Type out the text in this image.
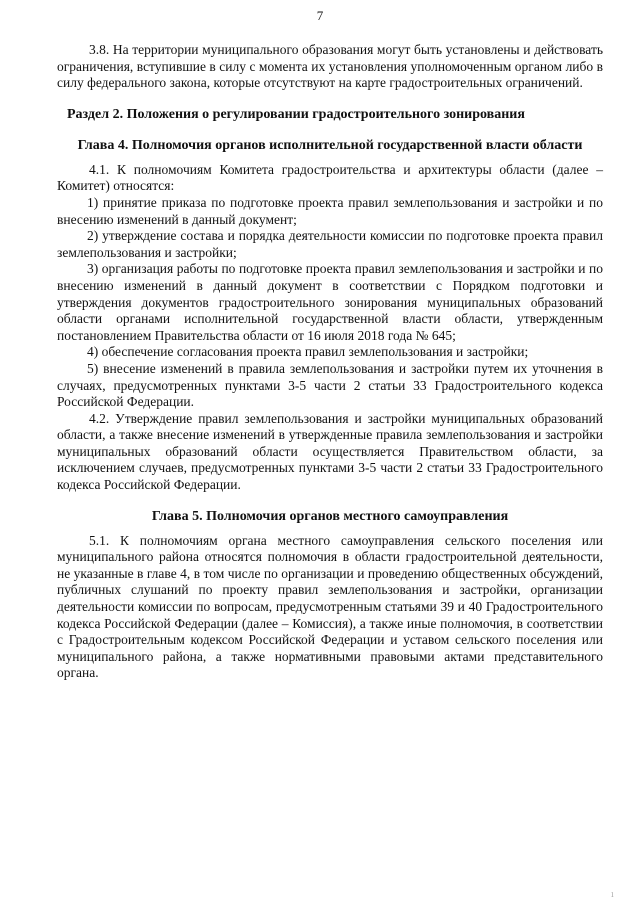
7

3.8. На территории муниципального образования могут быть установлены и действовать ограничения, вступившие в силу с момента их установления уполномоченным органом либо в силу федерального закона, которые отсутствуют на карте градостроительных ограничений.

Раздел 2. Положения о регулировании градостроительного зонирования

Глава 4. Полномочия органов исполнительной государственной власти области

4.1. К полномочиям Комитета градостроительства и архитектуры области (далее – Комитет) относятся:

1) принятие приказа по подготовке проекта правил землепользования и застройки и по внесению изменений в данный документ;

2) утверждение состава и порядка деятельности комиссии по подготовке проекта правил землепользования и застройки;

3) организация работы по подготовке проекта правил землепользования и застройки и по внесению изменений в данный документ в соответствии с Порядком подготовки и утверждения документов градостроительного зонирования муниципальных образований области органами исполнительной государственной власти области, утвержденным постановлением Правительства области от 16 июля 2018 года № 645;

4) обеспечение согласования проекта правил землепользования и застройки;

5) внесение изменений в правила землепользования и застройки путем их уточнения в случаях, предусмотренных пунктами 3-5 части 2 статьи 33 Градостроительного кодекса Российской Федерации.

4.2. Утверждение правил землепользования и застройки муниципальных образований области, а также внесение изменений в утвержденные правила землепользования и застройки муниципальных образований области осуществляется Правительством области, за исключением случаев, предусмотренных пунктами 3-5 части 2 статьи 33 Градостроительного кодекса Российской Федерации.

Глава 5. Полномочия органов местного самоуправления

5.1. К полномочиям органа местного самоуправления сельского поселения или муниципального района относятся полномочия в области градостроительной деятельности, не указанные в главе 4, в том числе по организации и проведению общественных обсуждений, публичных слушаний по проекту правил землепользования и застройки, организации деятельности комиссии по вопросам, предусмотренным статьями 39 и 40 Градостроительного кодекса Российской Федерации (далее – Комиссия), а также иные полномочия, в соответствии с Градостроительным кодексом Российской Федерации и уставом сельского поселения или муниципального района, а также нормативными правовыми актами представительного органа.

1
